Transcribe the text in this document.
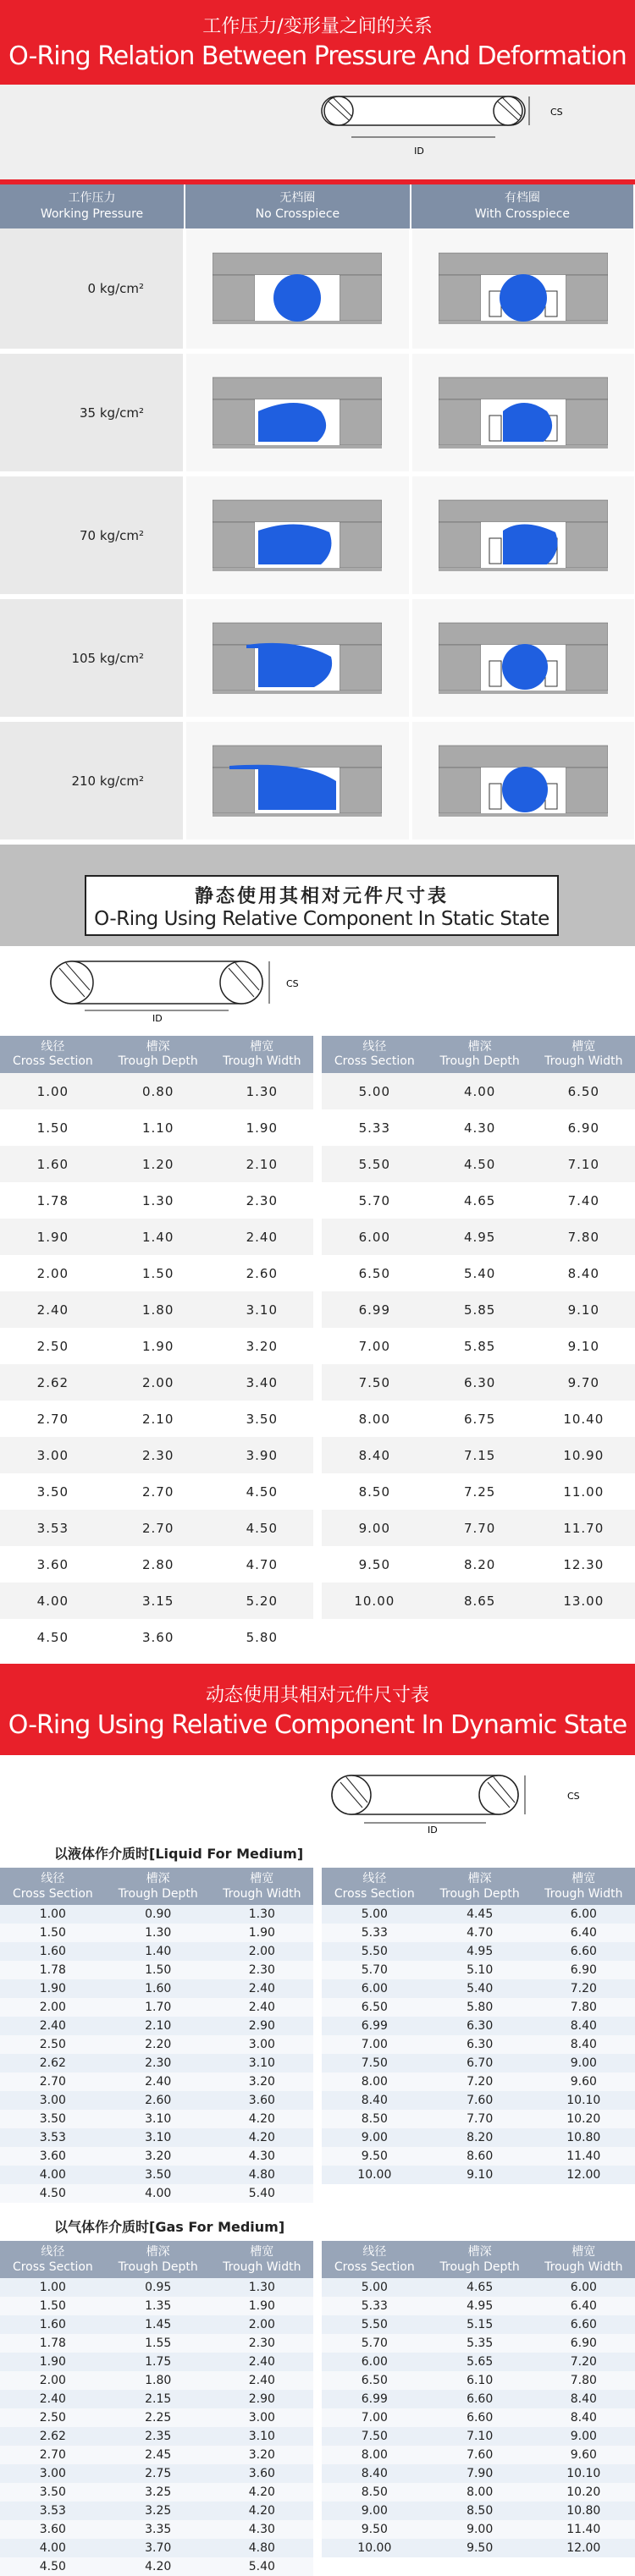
工作压力/变形量之间的关系
O-Ring Relation Between Pressure And Deformation
ID
CS
工作压力
Working Pressure	无档圈
No Crosspiece	有档圈
With Crosspiece
0 kg/cm²		
35 kg/cm²		
70 kg/cm²		
105 kg/cm²		
210 kg/cm²		
静态使用其相对元件尺寸表
O-Ring Using Relative Component In Static State
ID
CS
线径
Cross Section	槽深
Trough Depth	槽宽
Trough Width		线径
Cross Section	槽深
Trough Depth	槽宽
Trough Width
1.00	0.80	1.30		5.00	4.00	6.50
1.50	1.10	1.90		5.33	4.30	6.90
1.60	1.20	2.10		5.50	4.50	7.10
1.78	1.30	2.30		5.70	4.65	7.40
1.90	1.40	2.40		6.00	4.95	7.80
2.00	1.50	2.60		6.50	5.40	8.40
2.40	1.80	3.10		6.99	5.85	9.10
2.50	1.90	3.20		7.00	5.85	9.10
2.62	2.00	3.40		7.50	6.30	9.70
2.70	2.10	3.50		8.00	6.75	10.40
3.00	2.30	3.90		8.40	7.15	10.90
3.50	2.70	4.50		8.50	7.25	11.00
3.53	2.70	4.50		9.00	7.70	11.70
3.60	2.80	4.70		9.50	8.20	12.30
4.00	3.15	5.20		10.00	8.65	13.00
4.50	3.60	5.80				
动态使用其相对元件尺寸表
O-Ring Using Relative Component In Dynamic State
ID
CS
以液体作介质时[Liquid For Medium]
线径
Cross Section	槽深
Trough Depth	槽宽
Trough Width		线径
Cross Section	槽深
Trough Depth	槽宽
Trough Width
1.00	0.90	1.30		5.00	4.45	6.00
1.50	1.30	1.90		5.33	4.70	6.40
1.60	1.40	2.00		5.50	4.95	6.60
1.78	1.50	2.30		5.70	5.10	6.90
1.90	1.60	2.40		6.00	5.40	7.20
2.00	1.70	2.40		6.50	5.80	7.80
2.40	2.10	2.90		6.99	6.30	8.40
2.50	2.20	3.00		7.00	6.30	8.40
2.62	2.30	3.10		7.50	6.70	9.00
2.70	2.40	3.20		8.00	7.20	9.60
3.00	2.60	3.60		8.40	7.60	10.10
3.50	3.10	4.20		8.50	7.70	10.20
3.53	3.10	4.20		9.00	8.20	10.80
3.60	3.20	4.30		9.50	8.60	11.40
4.00	3.50	4.80		10.00	9.10	12.00
4.50	4.00	5.40				
以气体作介质时[Gas For Medium]
线径
Cross Section	槽深
Trough Depth	槽宽
Trough Width		线径
Cross Section	槽深
Trough Depth	槽宽
Trough Width
1.00	0.95	1.30		5.00	4.65	6.00
1.50	1.35	1.90		5.33	4.95	6.40
1.60	1.45	2.00		5.50	5.15	6.60
1.78	1.55	2.30		5.70	5.35	6.90
1.90	1.75	2.40		6.00	5.65	7.20
2.00	1.80	2.40		6.50	6.10	7.80
2.40	2.15	2.90		6.99	6.60	8.40
2.50	2.25	3.00		7.00	6.60	8.40
2.62	2.35	3.10		7.50	7.10	9.00
2.70	2.45	3.20		8.00	7.60	9.60
3.00	2.75	3.60		8.40	7.90	10.10
3.50	3.25	4.20		8.50	8.00	10.20
3.53	3.25	4.20		9.00	8.50	10.80
3.60	3.35	4.30		9.50	9.00	11.40
4.00	3.70	4.80		10.00	9.50	12.00
4.50	4.20	5.40				
